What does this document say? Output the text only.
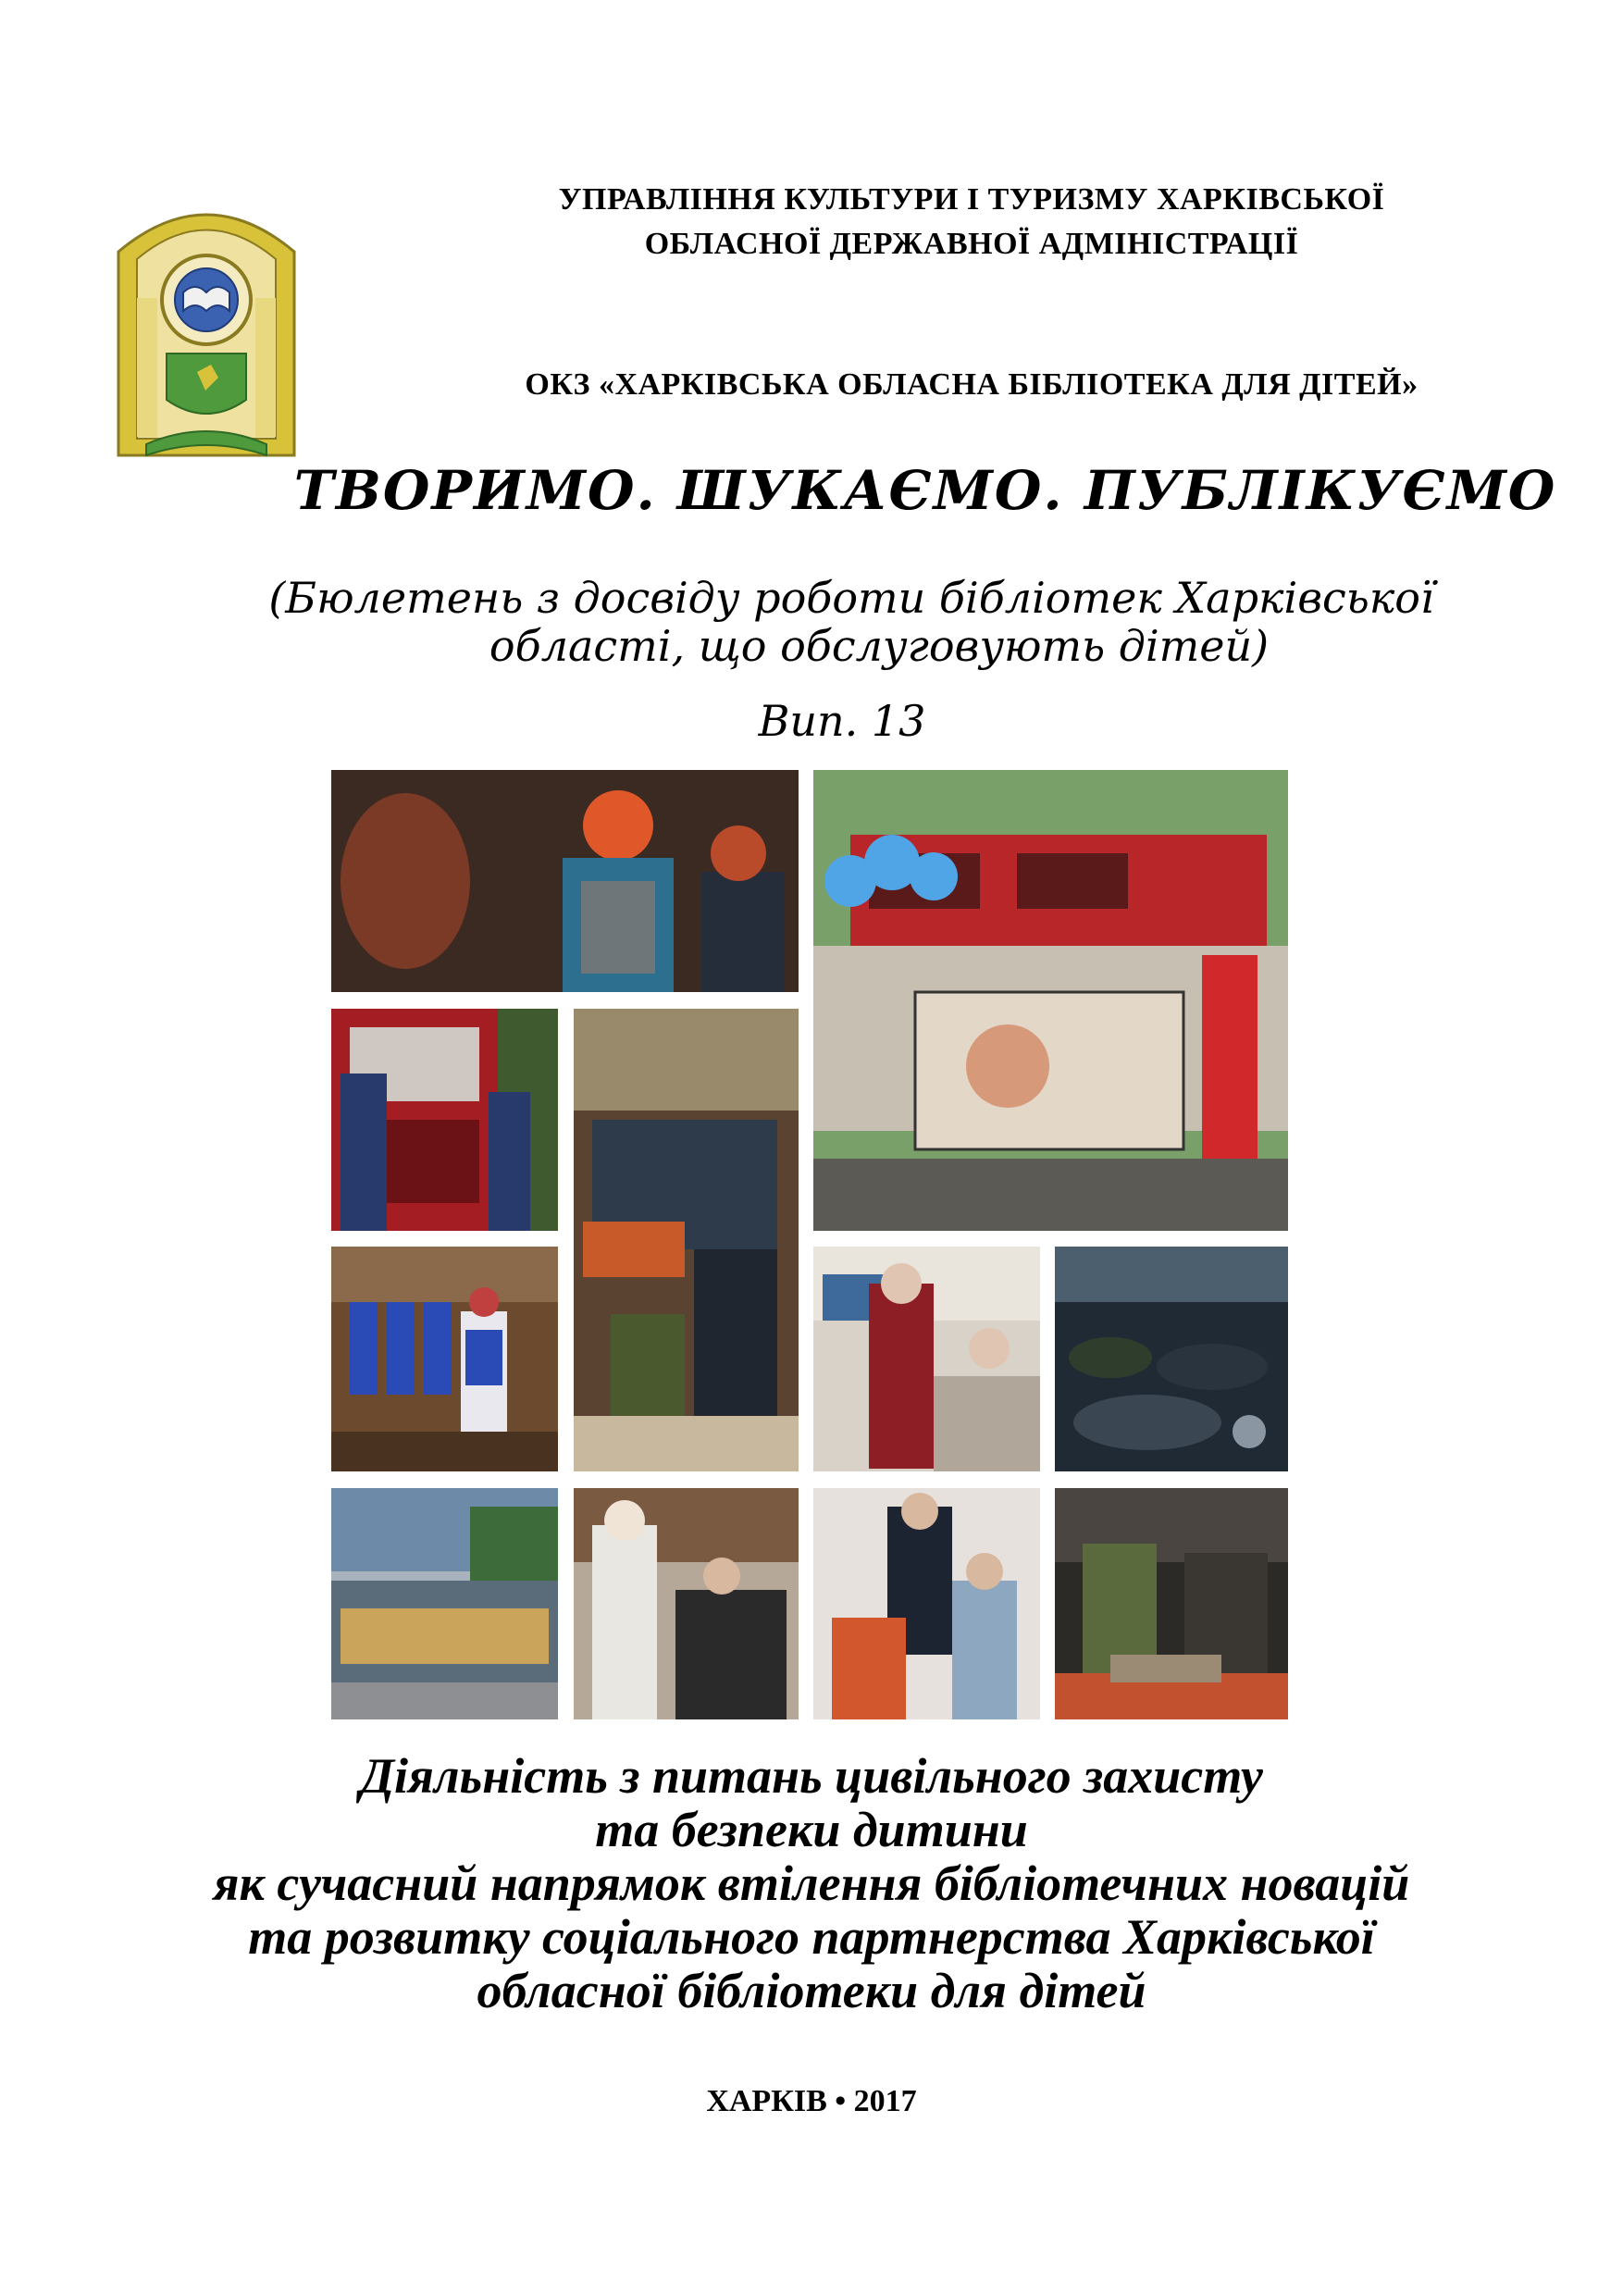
УПРАВЛІННЯ КУЛЬТУРИ І ТУРИЗМУ ХАРКІВСЬКОЇ
ОБЛАСНОЇ ДЕРЖАВНОЇ АДМІНІСТРАЦІЇ
ОКЗ «ХАРКІВСЬКА ОБЛАСНА БІБЛІОТЕКА ДЛЯ ДІТЕЙ»
ТВОРИМО. ШУКАЄМО. ПУБЛІКУЄМО
(Бюлетень з досвіду роботи бібліотек Харківської
області, що обслуговують дітей)
Вип. 13
Діяльність з питань цивільного захисту
та безпеки дитини
як сучасний напрямок втілення бібліотечних новацій
та розвитку соціального партнерства Харківської
обласної бібліотеки для дітей
ХАРКІВ • 2017
